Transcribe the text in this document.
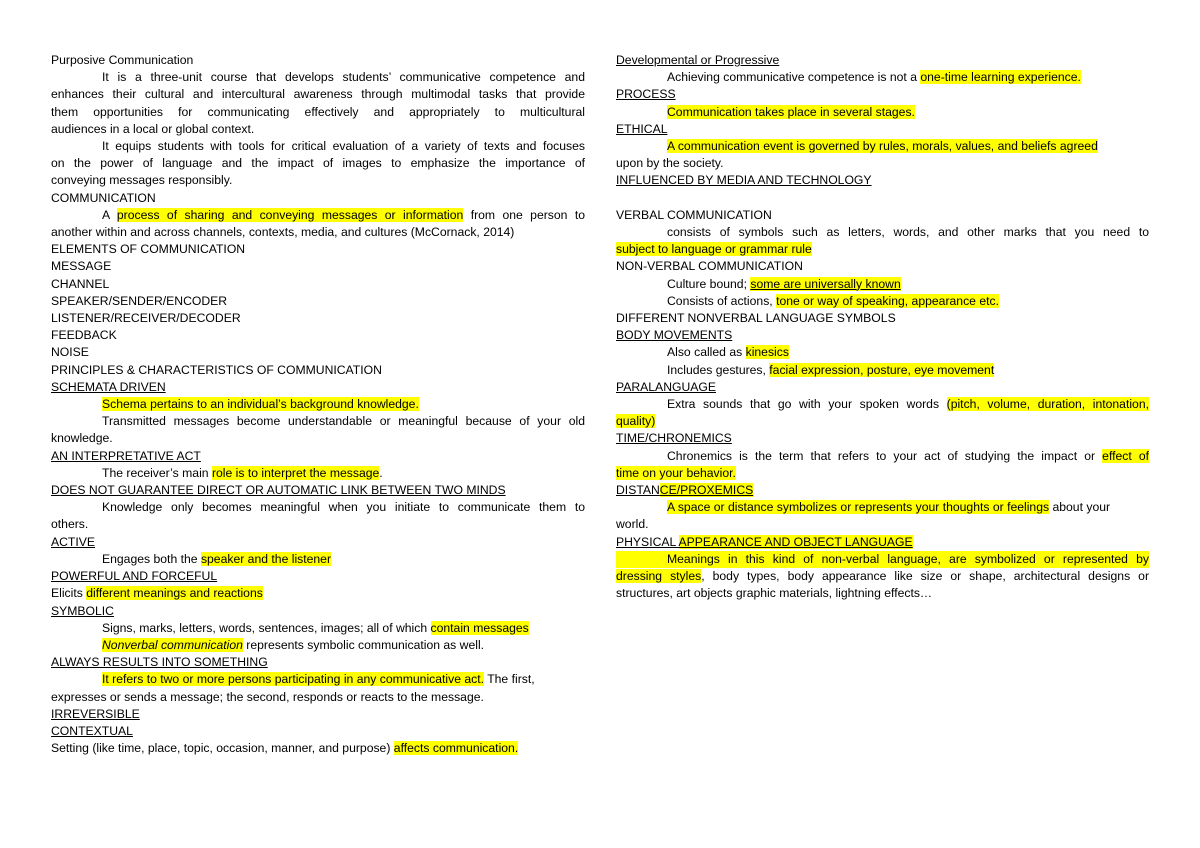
Purposive Communication
It is a three-unit course that develops students’ communicative competence and
enhances their cultural and intercultural awareness through multimodal tasks that provide
them opportunities for communicating effectively and appropriately to multicultural
audiences in a local or global context.
It equips students with tools for critical evaluation of a variety of texts and focuses
on the power of language and the impact of images to emphasize the importance of
conveying messages responsibly.
COMMUNICATION
A process of sharing and conveying messages or information from one person to
another within and across channels, contexts, media, and cultures (McCornack, 2014)
ELEMENTS OF COMMUNICATION
MESSAGE
CHANNEL
SPEAKER/SENDER/ENCODER
LISTENER/RECEIVER/DECODER
FEEDBACK
NOISE
PRINCIPLES & CHARACTERISTICS OF COMMUNICATION
SCHEMATA DRIVEN
Schema pertains to an individual’s background knowledge.
Transmitted messages become understandable or meaningful because of your old
knowledge.
AN INTERPRETATIVE ACT
The receiver’s main role is to interpret the message.
DOES NOT GUARANTEE DIRECT OR AUTOMATIC LINK BETWEEN TWO MINDS
Knowledge only becomes meaningful when you initiate to communicate them to
others.
ACTIVE
Engages both the speaker and the listener
POWERFUL AND FORCEFUL
Elicits different meanings and reactions
SYMBOLIC
Signs, marks, letters, words, sentences, images; all of which contain messages
Nonverbal communication represents symbolic communication as well.
ALWAYS RESULTS INTO SOMETHING
It refers to two or more persons participating in any communicative act. The first,
expresses or sends a message; the second, responds or reacts to the message.
IRREVERSIBLE
CONTEXTUAL
Setting (like time, place, topic, occasion, manner, and purpose) affects communication.
Developmental or Progressive
Achieving communicative competence is not a one-time learning experience.
PROCESS
Communication takes place in several stages.
ETHICAL
A communication event is governed by rules, morals, values, and beliefs agreed
upon by the society.
INFLUENCED BY MEDIA AND TECHNOLOGY
VERBAL COMMUNICATION
consists of symbols such as letters, words, and other marks that you need to
subject to language or grammar rule
NON-VERBAL COMMUNICATION
Culture bound; some are universally known
Consists of actions, tone or way of speaking, appearance etc.
DIFFERENT NONVERBAL LANGUAGE SYMBOLS
BODY MOVEMENTS
Also called as kinesics
Includes gestures, facial expression, posture, eye movement
PARALANGUAGE
Extra sounds that go with your spoken words (pitch, volume, duration, intonation,
quality)
TIME/CHRONEMICS
Chronemics is the term that refers to your act of studying the impact or effect of
time on your behavior.
DISTANCE/PROXEMICS
A space or distance symbolizes or represents your thoughts or feelings about your
world.
PHYSICAL APPEARANCE AND OBJECT LANGUAGE
Meanings in this kind of non-verbal language, are symbolized or represented by
dressing styles, body types, body appearance like size or shape, architectural designs or
structures, art objects graphic materials, lightning effects…
